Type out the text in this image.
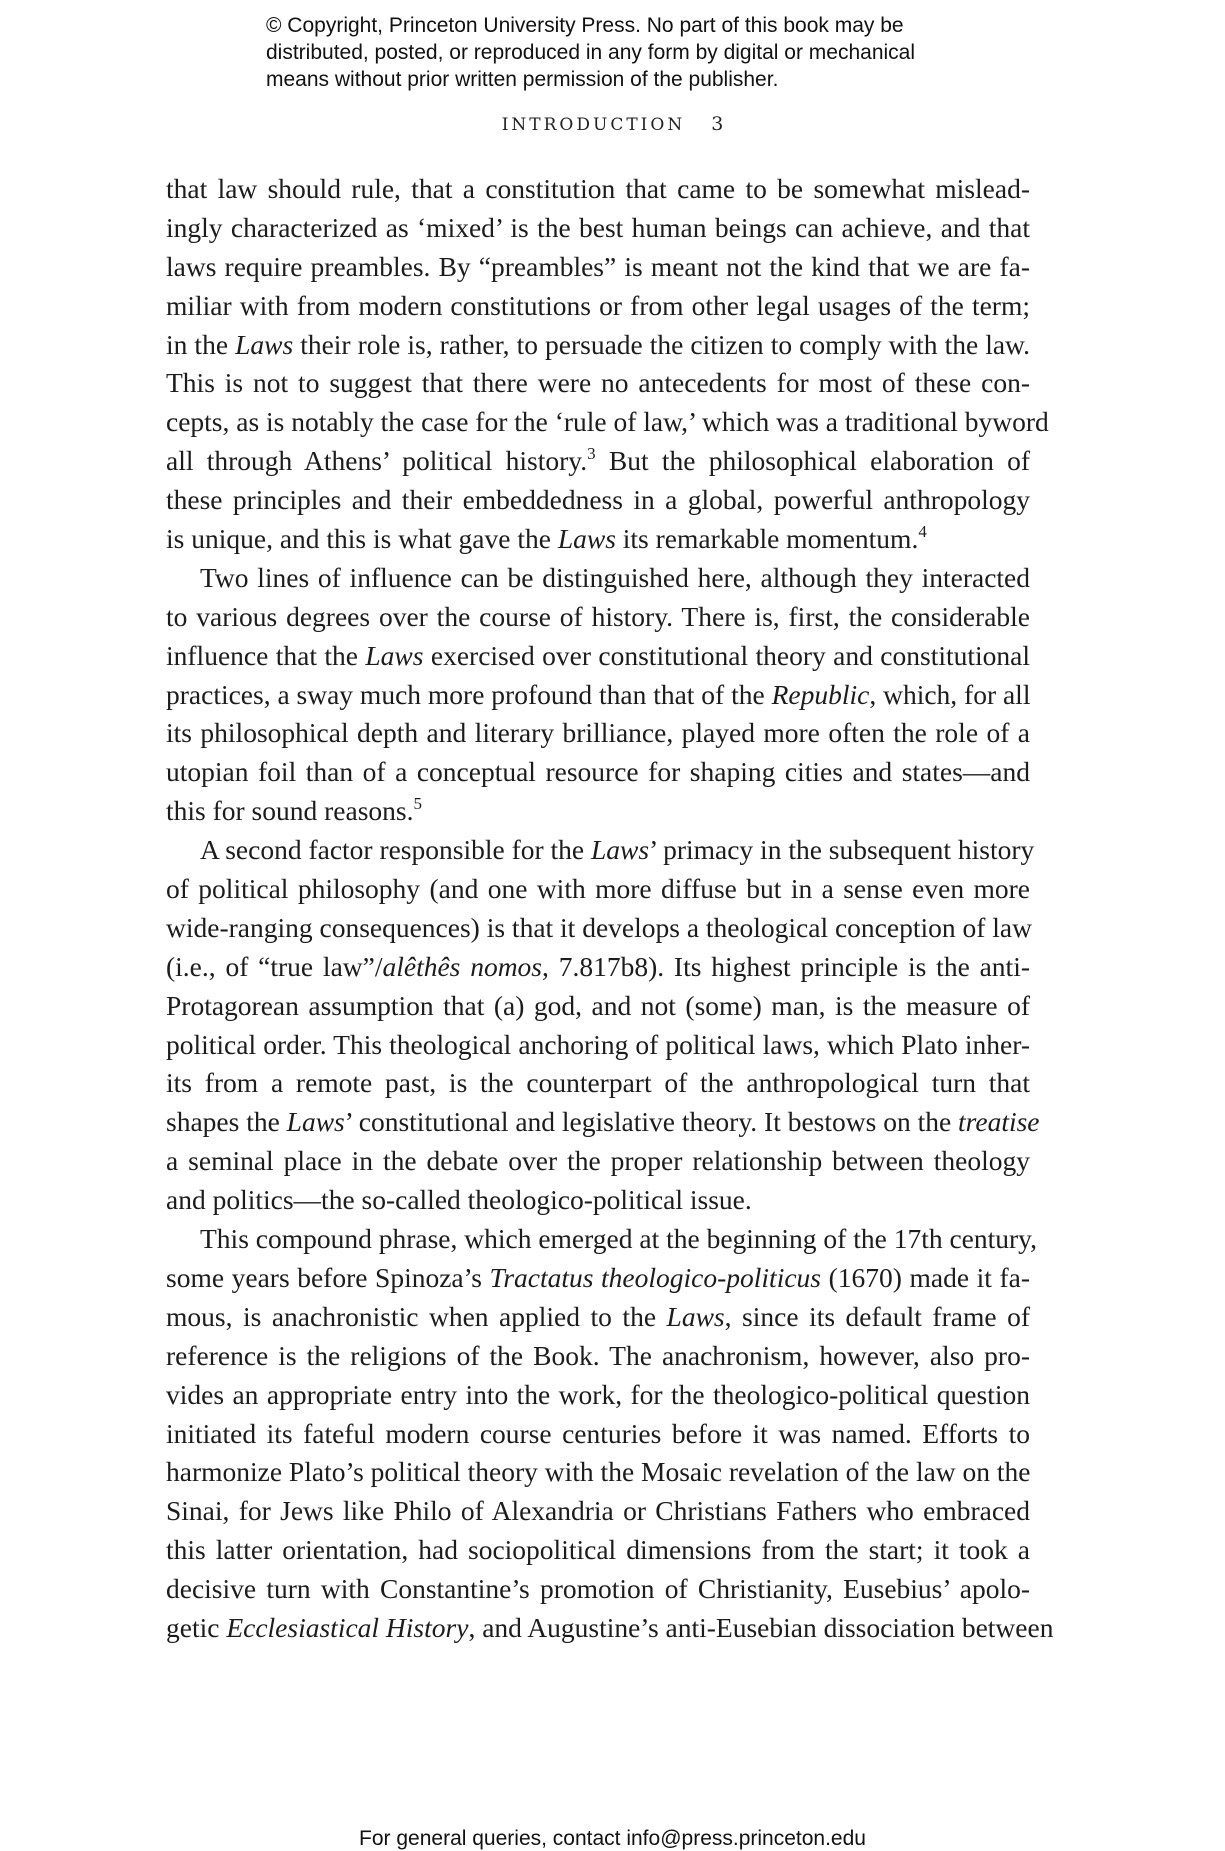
© Copyright, Princeton University Press. No part of this book may be
distributed, posted, or reproduced in any form by digital or mechanical
means without prior written permission of the publisher.
INTRODUCTION 3
that law should rule, that a constitution that came to be somewhat mislead-
ingly characterized as ‘mixed’ is the best human beings can achieve, and that
laws require preambles. By “preambles” is meant not the kind that we are fa-
miliar with from modern constitutions or from other legal usages of the term;
in the Laws their role is, rather, to persuade the citizen to comply with the law.
This is not to suggest that there were no antecedents for most of these con-
cepts, as is notably the case for the ‘rule of law,’ which was a traditional byword
all through Athens’ political history.$^3$ But the philosophical elaboration of
these principles and their embeddedness in a global, powerful anthropology
is unique, and this is what gave the Laws its remarkable momentum.$^4$
Two lines of influence can be distinguished here, although they interacted
to various degrees over the course of history. There is, first, the considerable
influence that the Laws exercised over constitutional theory and constitutional
practices, a sway much more profound than that of the Republic, which, for all
its philosophical depth and literary brilliance, played more often the role of a
utopian foil than of a conceptual resource for shaping cities and states—and
this for sound reasons.$^5$
A second factor responsible for the Laws’ primacy in the subsequent history
of political philosophy (and one with more diffuse but in a sense even more
wide-ranging consequences) is that it develops a theological conception of law
(i.e., of “true law”/alêthês nomos, 7.817b8). Its highest principle is the anti-
Protagorean assumption that (a) god, and not (some) man, is the measure of
political order. This theological anchoring of political laws, which Plato inher-
its from a remote past, is the counterpart of the anthropological turn that
shapes the Laws’ constitutional and legislative theory. It bestows on the treatise
a seminal place in the debate over the proper relationship between theology
and politics—the so-called theologico-political issue.
This compound phrase, which emerged at the beginning of the 17th century,
some years before Spinoza’s Tractatus theologico-politicus (1670) made it fa-
mous, is anachronistic when applied to the Laws, since its default frame of
reference is the religions of the Book. The anachronism, however, also pro-
vides an appropriate entry into the work, for the theologico-political question
initiated its fateful modern course centuries before it was named. Efforts to
harmonize Plato’s political theory with the Mosaic revelation of the law on the
Sinai, for Jews like Philo of Alexandria or Christians Fathers who embraced
this latter orientation, had sociopolitical dimensions from the start; it took a
decisive turn with Constantine’s promotion of Christianity, Eusebius’ apolo-
getic Ecclesiastical History, and Augustine’s anti-Eusebian dissociation between
For general queries, contact info@press.princeton.edu
